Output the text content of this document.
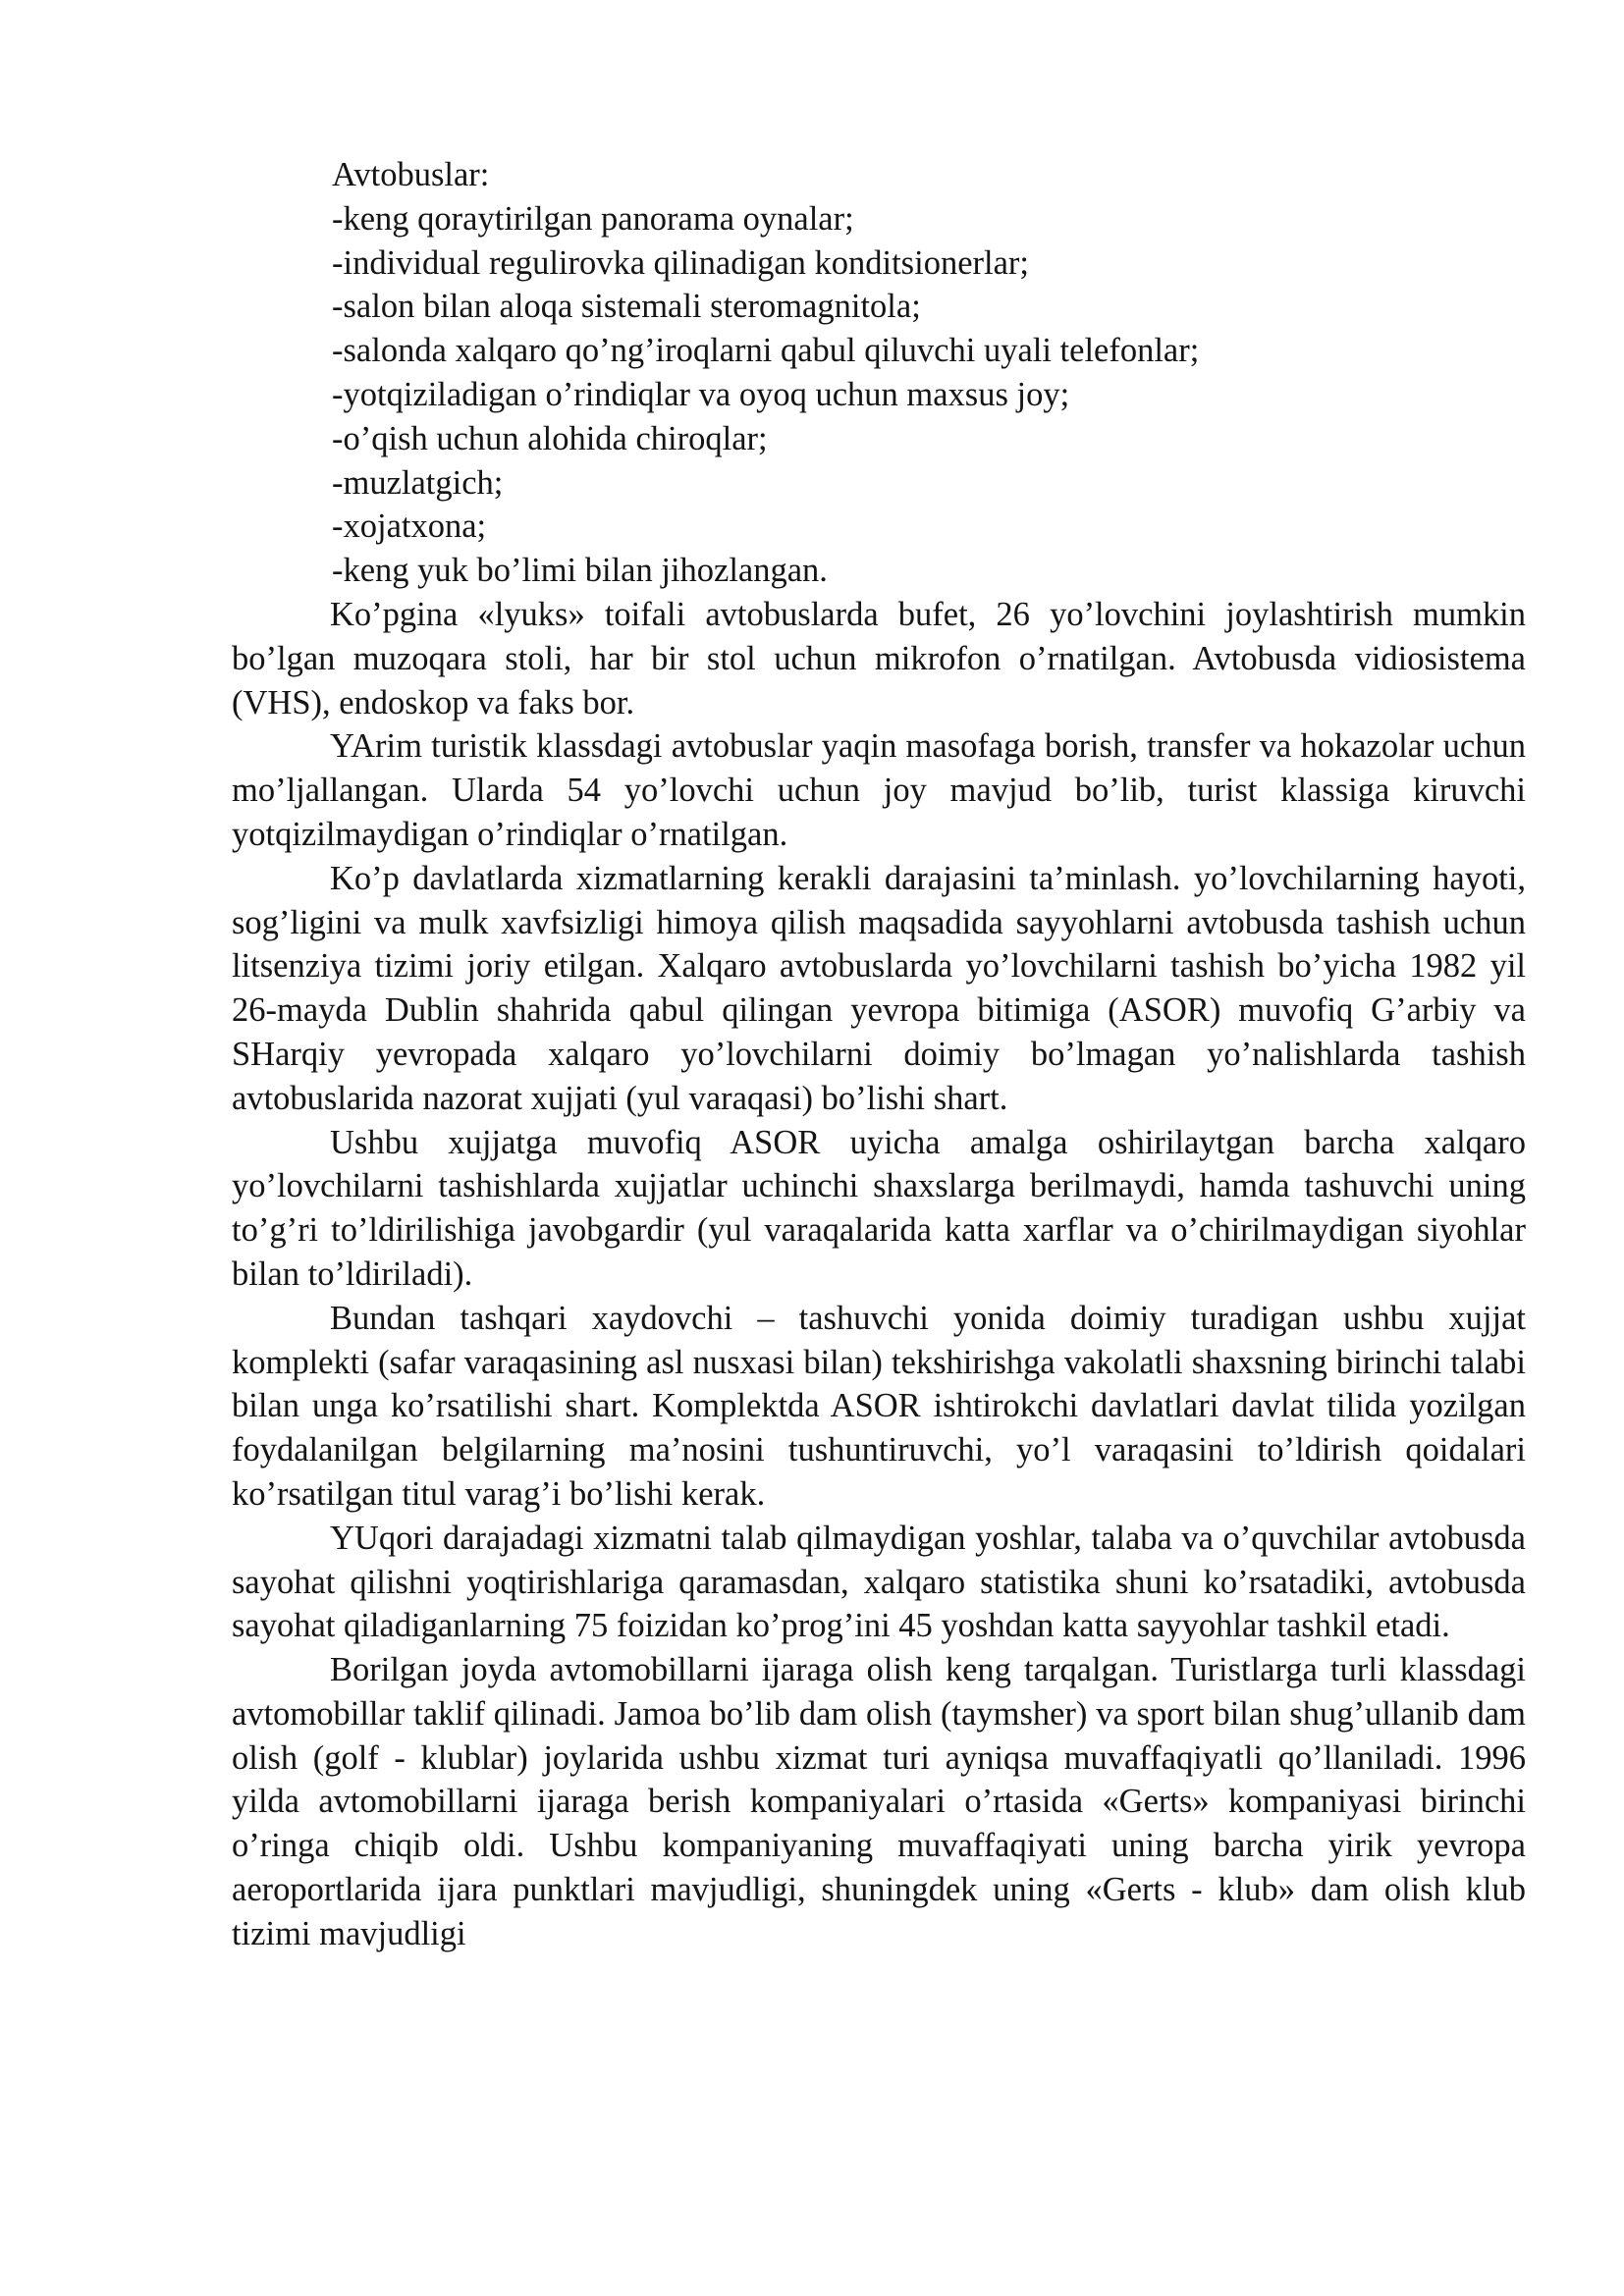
Avtobuslar:
-keng qoraytirilgan panorama oynalar;
-individual regulirovka qilinadigan konditsionerlar;
-salon bilan aloqa sistemali steromagnitola;
-salonda xalqaro qo’ng’iroqlarni qabul qiluvchi uyali telefonlar;
-yotqiziladigan o’rindiqlar va oyoq uchun maxsus joy;
-o’qish uchun alohida chiroqlar;
-muzlatgich;
-xojatxona;
-keng yuk bo’limi bilan jihozlangan.

Ko’pgina «lyuks» toifali avtobuslarda bufet, 26 yo’lovchini joylashtirish mumkin bo’lgan muzoqara stoli, har bir stol uchun mikrofon o’rnatilgan. Avtobusda vidiosistema (VHS), endoskop va faks bor.

YArim turistik klassdagi avtobuslar yaqin masofaga borish, transfer va hokazolar uchun mo’ljallangan. Ularda 54 yo’lovchi uchun joy mavjud bo’lib, turist klassiga kiruvchi yotqizilmaydigan o’rindiqlar o’rnatilgan.

Ko’p davlatlarda xizmatlarning kerakli darajasini ta’minlash. yo’lovchilarning hayoti, sog’ligini va mulk xavfsizligi himoya qilish maqsadida sayyohlarni avtobusda tashish uchun litsenziya tizimi joriy etilgan. Xalqaro avtobuslarda yo’lovchilarni tashish bo’yicha 1982 yil 26-mayda Dublin shahrida qabul qilingan yevropa bitimiga (ASOR) muvofiq G’arbiy va SHarqiy yevropada xalqaro yo’lovchilarni doimiy bo’lmagan yo’nalishlarda tashish avtobuslarida nazorat xujjati (yul varaqasi) bo’lishi shart.

Ushbu xujjatga muvofiq ASOR uyicha amalga oshirilaytgan barcha xalqaro yo’lovchilarni tashishlarda xujjatlar uchinchi shaxslarga berilmaydi, hamda tashuvchi uning to’g’ri to’ldirilishiga javobgardir (yul varaqalarida katta xarflar va o’chirilmaydigan siyohlar bilan to’ldiriladi).

Bundan tashqari xaydovchi – tashuvchi yonida doimiy turadigan ushbu xujjat komplekti (safar varaqasining asl nusxasi bilan) tekshirishga vakolatli shaxsning birinchi talabi bilan unga ko’rsatilishi shart. Komplektda ASOR ishtirokchi davlatlari davlat tilida yozilgan foydalanilgan belgilarning ma’nosini tushuntiruvchi, yo’l varaqasini to’ldirish qoidalari ko’rsatilgan titul varag’i bo’lishi kerak.

YUqori darajadagi xizmatni talab qilmaydigan yoshlar, talaba va o’quvchilar avtobusda sayohat qilishni yoqtirishlariga qaramasdan, xalqaro statistika shuni ko’rsatadiki, avtobusda sayohat qiladiganlarning 75 foizidan ko’prog’ini 45 yoshdan katta sayyohlar tashkil etadi.

Borilgan joyda avtomobillarni ijaraga olish keng tarqalgan. Turistlarga turli klassdagi avtomobillar taklif qilinadi. Jamoa bo’lib dam olish (taymsher) va sport bilan shug’ullanib dam olish (golf - klublar) joylarida ushbu xizmat turi ayniqsa muvaffaqiyatli qo’llaniladi. 1996 yilda avtomobillarni ijaraga berish kompaniyalari o’rtasida «Gerts» kompaniyasi birinchi o’ringa chiqib oldi. Ushbu kompaniyaning muvaffaqiyati uning barcha yirik yevropa aeroportlarida ijara punktlari mavjudligi, shuningdek uning «Gerts - klub» dam olish klub tizimi mavjudligi
